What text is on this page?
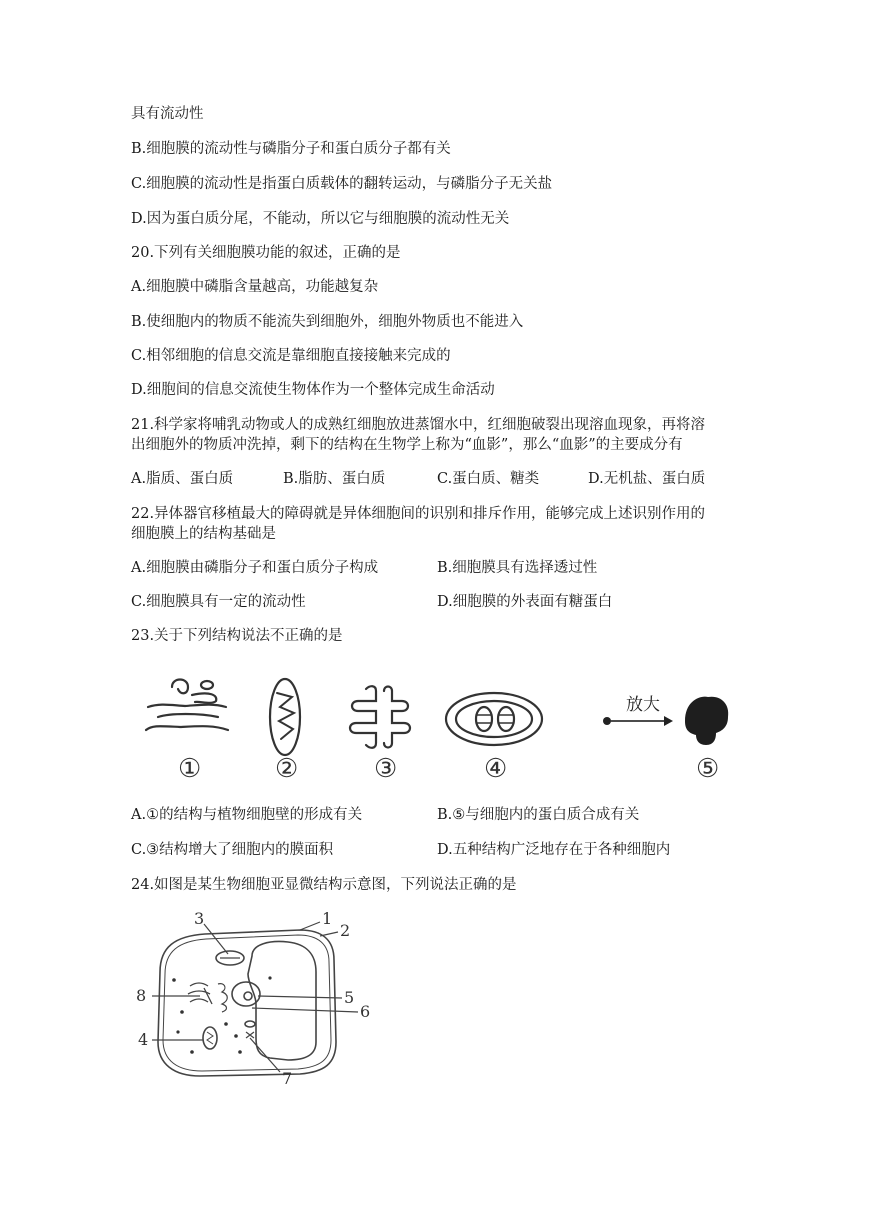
具有流动性
B.细胞膜的流动性与磷脂分子和蛋白质分子都有关
C.细胞膜的流动性是指蛋白质载体的翻转运动，与磷脂分子无关盐
D.因为蛋白质分尾，不能动，所以它与细胞膜的流动性无关
20.下列有关细胞膜功能的叙述，正确的是
A.细胞膜中磷脂含量越高，功能越复杂
B.使细胞内的物质不能流失到细胞外，细胞外物质也不能进入
C.相邻细胞的信息交流是靠细胞直接接触来完成的
D.细胞间的信息交流使生物体作为一个整体完成生命活动
21.科学家将哺乳动物或人的成熟红细胞放进蒸馏水中，红细胞破裂出现溶血现象，再将溶
出细胞外的物质冲洗掉，剩下的结构在生物学上称为“血影”，那么“血影”的主要成分有
A.脂质、蛋白质	B.脂肪、蛋白质	C.蛋白质、糖类	D.无机盐、蛋白质
22.异体器官移植最大的障碍就是异体细胞间的识别和排斥作用，能够完成上述识别作用的
细胞膜上的结构基础是
A.细胞膜由磷脂分子和蛋白质分子构成	B.细胞膜具有选择透过性
C.细胞膜具有一定的流动性	D.细胞膜的外表面有糖蛋白
23.关于下列结构说法不正确的是
放大
①	②	③	④	⑤
A.①的结构与植物细胞壁的形成有关	B.⑤与细胞内的蛋白质合成有关
C.③结构增大了细胞内的膜面积	D.五种结构广泛地存在于各种细胞内
24.如图是某生物细胞亚显微结构示意图，下列说法正确的是
1
2
3
4
5
6
7
8
